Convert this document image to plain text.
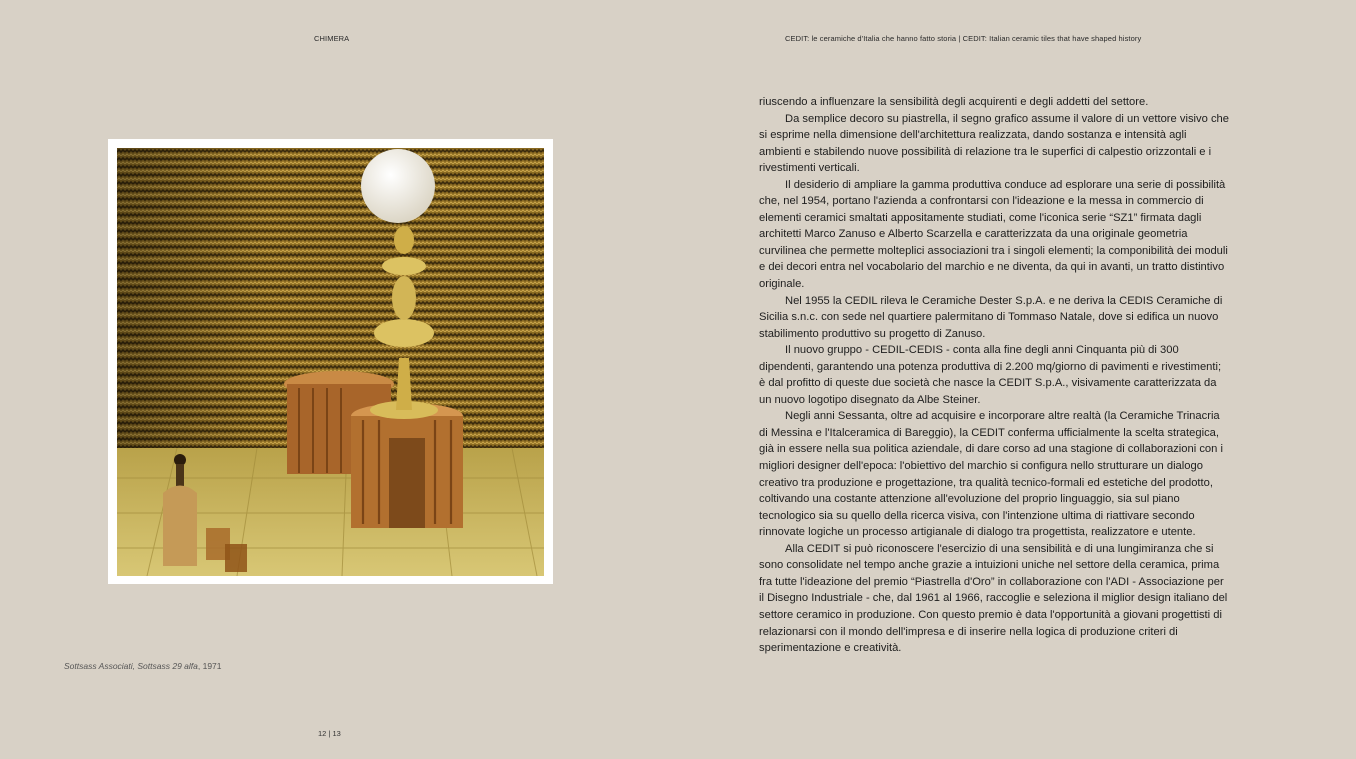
CHIMERA	CEDIT: le ceramiche d'Italia che hanno fatto storia | CEDIT: Italian ceramic tiles that have shaped history
Sottsass Associati, Sottsass 29 alfa, 1971
12 | 13

riuscendo a influenzare la sensibilità degli acquirenti e degli addetti del settore.

Da semplice decoro su piastrella, il segno grafico assume il valore di un vettore visivo che si esprime nella dimensione dell'architettura realizzata, dando sostanza e intensità agli ambienti e stabilendo nuove possibilità di relazione tra le superfici di calpestio orizzontali e i rivestimenti verticali.

Il desiderio di ampliare la gamma produttiva conduce ad esplorare una serie di possibilità che, nel 1954, portano l'azienda a confrontarsi con l'ideazione e la messa in commercio di elementi ceramici smaltati appositamente studiati, come l'iconica serie “SZ1” firmata dagli architetti Marco Zanuso e Alberto Scarzella e caratterizzata da una originale geometria curvilinea che permette molteplici associazioni tra i singoli elementi; la componibilità dei moduli e dei decori entra nel vocabolario del marchio e ne diventa, da qui in avanti, un tratto distintivo originale.

Nel 1955 la CEDIL rileva le Ceramiche Dester S.p.A. e ne deriva la CEDIS Ceramiche di Sicilia s.n.c. con sede nel quartiere palermitano di Tommaso Natale, dove si edifica un nuovo stabilimento produttivo su progetto di Zanuso.

Il nuovo gruppo - CEDIL-CEDIS - conta alla fine degli anni Cinquanta più di 300 dipendenti, garantendo una potenza produttiva di 2.200 mq/giorno di pavimenti e rivestimenti; è dal profitto di queste due società che nasce la CEDIT S.p.A., visivamente caratterizzata da un nuovo logotipo disegnato da Albe Steiner.

Negli anni Sessanta, oltre ad acquisire e incorporare altre realtà (la Ceramiche Trinacria di Messina e l'Italceramica di Bareggio), la CEDIT conferma ufficialmente la scelta strategica, già in essere nella sua politica aziendale, di dare corso ad una stagione di collaborazioni con i migliori designer dell'epoca: l'obiettivo del marchio si configura nello strutturare un dialogo creativo tra produzione e progettazione, tra qualità tecnico-formali ed estetiche del prodotto, coltivando una costante attenzione all'evoluzione del proprio linguaggio, sia sul piano tecnologico sia su quello della ricerca visiva, con l'intenzione ultima di riattivare secondo rinnovate logiche un processo artigianale di dialogo tra progettista, realizzatore e utente.

Alla CEDIT si può riconoscere l'esercizio di una sensibilità e di una lungimiranza che si sono consolidate nel tempo anche grazie a intuizioni uniche nel settore della ceramica, prima fra tutte l'ideazione del premio “Piastrella d'Oro” in collaborazione con l'ADI - Associazione per il Disegno Industriale - che, dal 1961 al 1966, raccoglie e seleziona il miglior design italiano del settore ceramico in produzione. Con questo premio è data l'opportunità a giovani progettisti di relazionarsi con il mondo dell'impresa e di inserire nella logica di produzione criteri di sperimentazione e creatività.
